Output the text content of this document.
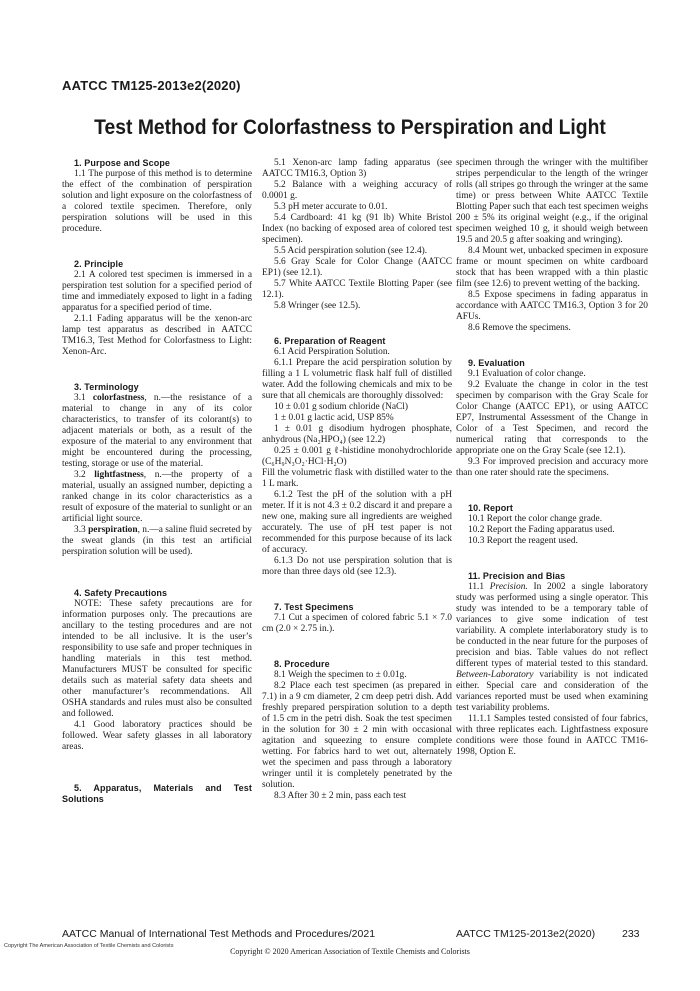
AATCC TM125-2013e2(2020)
Test Method for Colorfastness to Perspiration and Light

1. Purpose and Scope

1.1 The purpose of this method is to determine the effect of the combination of perspiration solution and light exposure on the colorfastness of a colored textile specimen. Therefore, only perspiration solutions will be used in this procedure.

2. Principle

2.1 A colored test specimen is immersed in a perspiration test solution for a specified period of time and immediately exposed to light in a fading apparatus for a specified period of time.

2.1.1 Fading apparatus will be the xenon-arc lamp test apparatus as described in AATCC TM16.3, Test Method for Colorfastness to Light: Xenon-Arc.

3. Terminology

3.1 colorfastness, n.—the resistance of a material to change in any of its color characteristics, to transfer of its colorant(s) to adjacent materials or both, as a result of the exposure of the material to any environment that might be encountered during the processing, testing, storage or use of the material.

3.2 lightfastness, n.—the property of a material, usually an assigned number, depicting a ranked change in its color characteristics as a result of exposure of the material to sunlight or an artificial light source.

3.3 perspiration, n.—a saline fluid secreted by the sweat glands (in this test an artificial perspiration solution will be used).

4. Safety Precautions

NOTE: These safety precautions are for information purposes only. The precautions are ancillary to the testing procedures and are not intended to be all inclusive. It is the user’s responsibility to use safe and proper techniques in handling materials in this test method. Manufacturers MUST be consulted for specific details such as material safety data sheets and other manufacturer’s recommendations. All OSHA standards and rules must also be consulted and followed.

4.1 Good laboratory practices should be followed. Wear safety glasses in all laboratory areas.

5. Apparatus, Materials and Test Solutions

5.1 Xenon-arc lamp fading apparatus (see AATCC TM16.3, Option 3)

5.2 Balance with a weighing accuracy of 0.0001 g.

5.3 pH meter accurate to 0.01.

5.4 Cardboard: 41 kg (91 lb) White Bristol Index (no backing of exposed area of colored test specimen).

5.5 Acid perspiration solution (see 12.4).

5.6 Gray Scale for Color Change (AATCC EP1) (see 12.1).

5.7 White AATCC Textile Blotting Paper (see 12.1).

5.8 Wringer (see 12.5).

6. Preparation of Reagent

6.1 Acid Perspiration Solution.

6.1.1 Prepare the acid perspiration solution by filling a 1 L volumetric flask half full of distilled water. Add the following chemicals and mix to be sure that all chemicals are thoroughly dissolved:

10 ± 0.01 g sodium chloride (NaCl)

1 ± 0.01 g lactic acid, USP 85%

1 ± 0.01 g disodium hydrogen phosphate, anhydrous (Na₂HPO₄) (see 12.2)

0.25 ± 0.001 g ℓ-histidine monohydrochloride (C₆H₉N₃O₂·HCl·H₂O)

Fill the volumetric flask with distilled water to the 1 L mark.

6.1.2 Test the pH of the solution with a pH meter. If it is not 4.3 ± 0.2 discard it and prepare a new one, making sure all ingredients are weighed accurately. The use of pH test paper is not recommended for this purpose because of its lack of accuracy.

6.1.3 Do not use perspiration solution that is more than three days old (see 12.3).

7. Test Specimens

7.1 Cut a specimen of colored fabric 5.1 × 7.0 cm (2.0 × 2.75 in.).

8. Procedure

8.1 Weigh the specimen to ± 0.01g.

8.2 Place each test specimen (as prepared in 7.1) in a 9 cm diameter, 2 cm deep petri dish. Add freshly prepared perspiration solution to a depth of 1.5 cm in the petri dish. Soak the test specimen in the solution for 30 ± 2 min with occasional agitation and squeezing to ensure complete wetting. For fabrics hard to wet out, alternately wet the specimen and pass through a laboratory wringer until it is completely penetrated by the solution.

8.3 After 30 ± 2 min, pass each test

specimen through the wringer with the multifiber stripes perpendicular to the length of the wringer rolls (all stripes go through the wringer at the same time) or press between White AATCC Textile Blotting Paper such that each test specimen weighs 200 ± 5% its original weight (e.g., if the original specimen weighed 10 g, it should weigh between 19.5 and 20.5 g after soaking and wringing).

8.4 Mount wet, unbacked specimen in exposure frame or mount specimen on white cardboard stock that has been wrapped with a thin plastic film (see 12.6) to prevent wetting of the backing.

8.5 Expose specimens in fading apparatus in accordance with AATCC TM16.3, Option 3 for 20 AFUs.

8.6 Remove the specimens.

9. Evaluation

9.1 Evaluation of color change.

9.2 Evaluate the change in color in the test specimen by comparison with the Gray Scale for Color Change (AATCC EP1), or using AATCC EP7, Instrumental Assessment of the Change in Color of a Test Specimen, and record the numerical rating that corresponds to the appropriate one on the Gray Scale (see 12.1).

9.3 For improved precision and accuracy more than one rater should rate the specimens.

10. Report

10.1 Report the color change grade.

10.2 Report the Fading apparatus used.

10.3 Report the reagent used.

11. Precision and Bias

11.1 Precision. In 2002 a single laboratory study was performed using a single operator. This study was intended to be a temporary table of variances to give some indication of test variability. A complete interlaboratory study is to be conducted in the near future for the purposes of precision and bias. Table values do not reflect different types of material tested to this standard. Between-Laboratory variability is not indicated either. Special care and consideration of the variances reported must be used when examining test variability problems.

11.1.1 Samples tested consisted of four fabrics, with three replicates each. Lightfastness exposure conditions were those found in AATCC TM16-1998, Option E.

AATCC Manual of International Test Methods and Procedures/2021	AATCC TM125-2013e2(2020)	233
Copyright The American Association of Textile Chemists and Colorists
Copyright © 2020 American Association of Textile Chemists and Colorists
